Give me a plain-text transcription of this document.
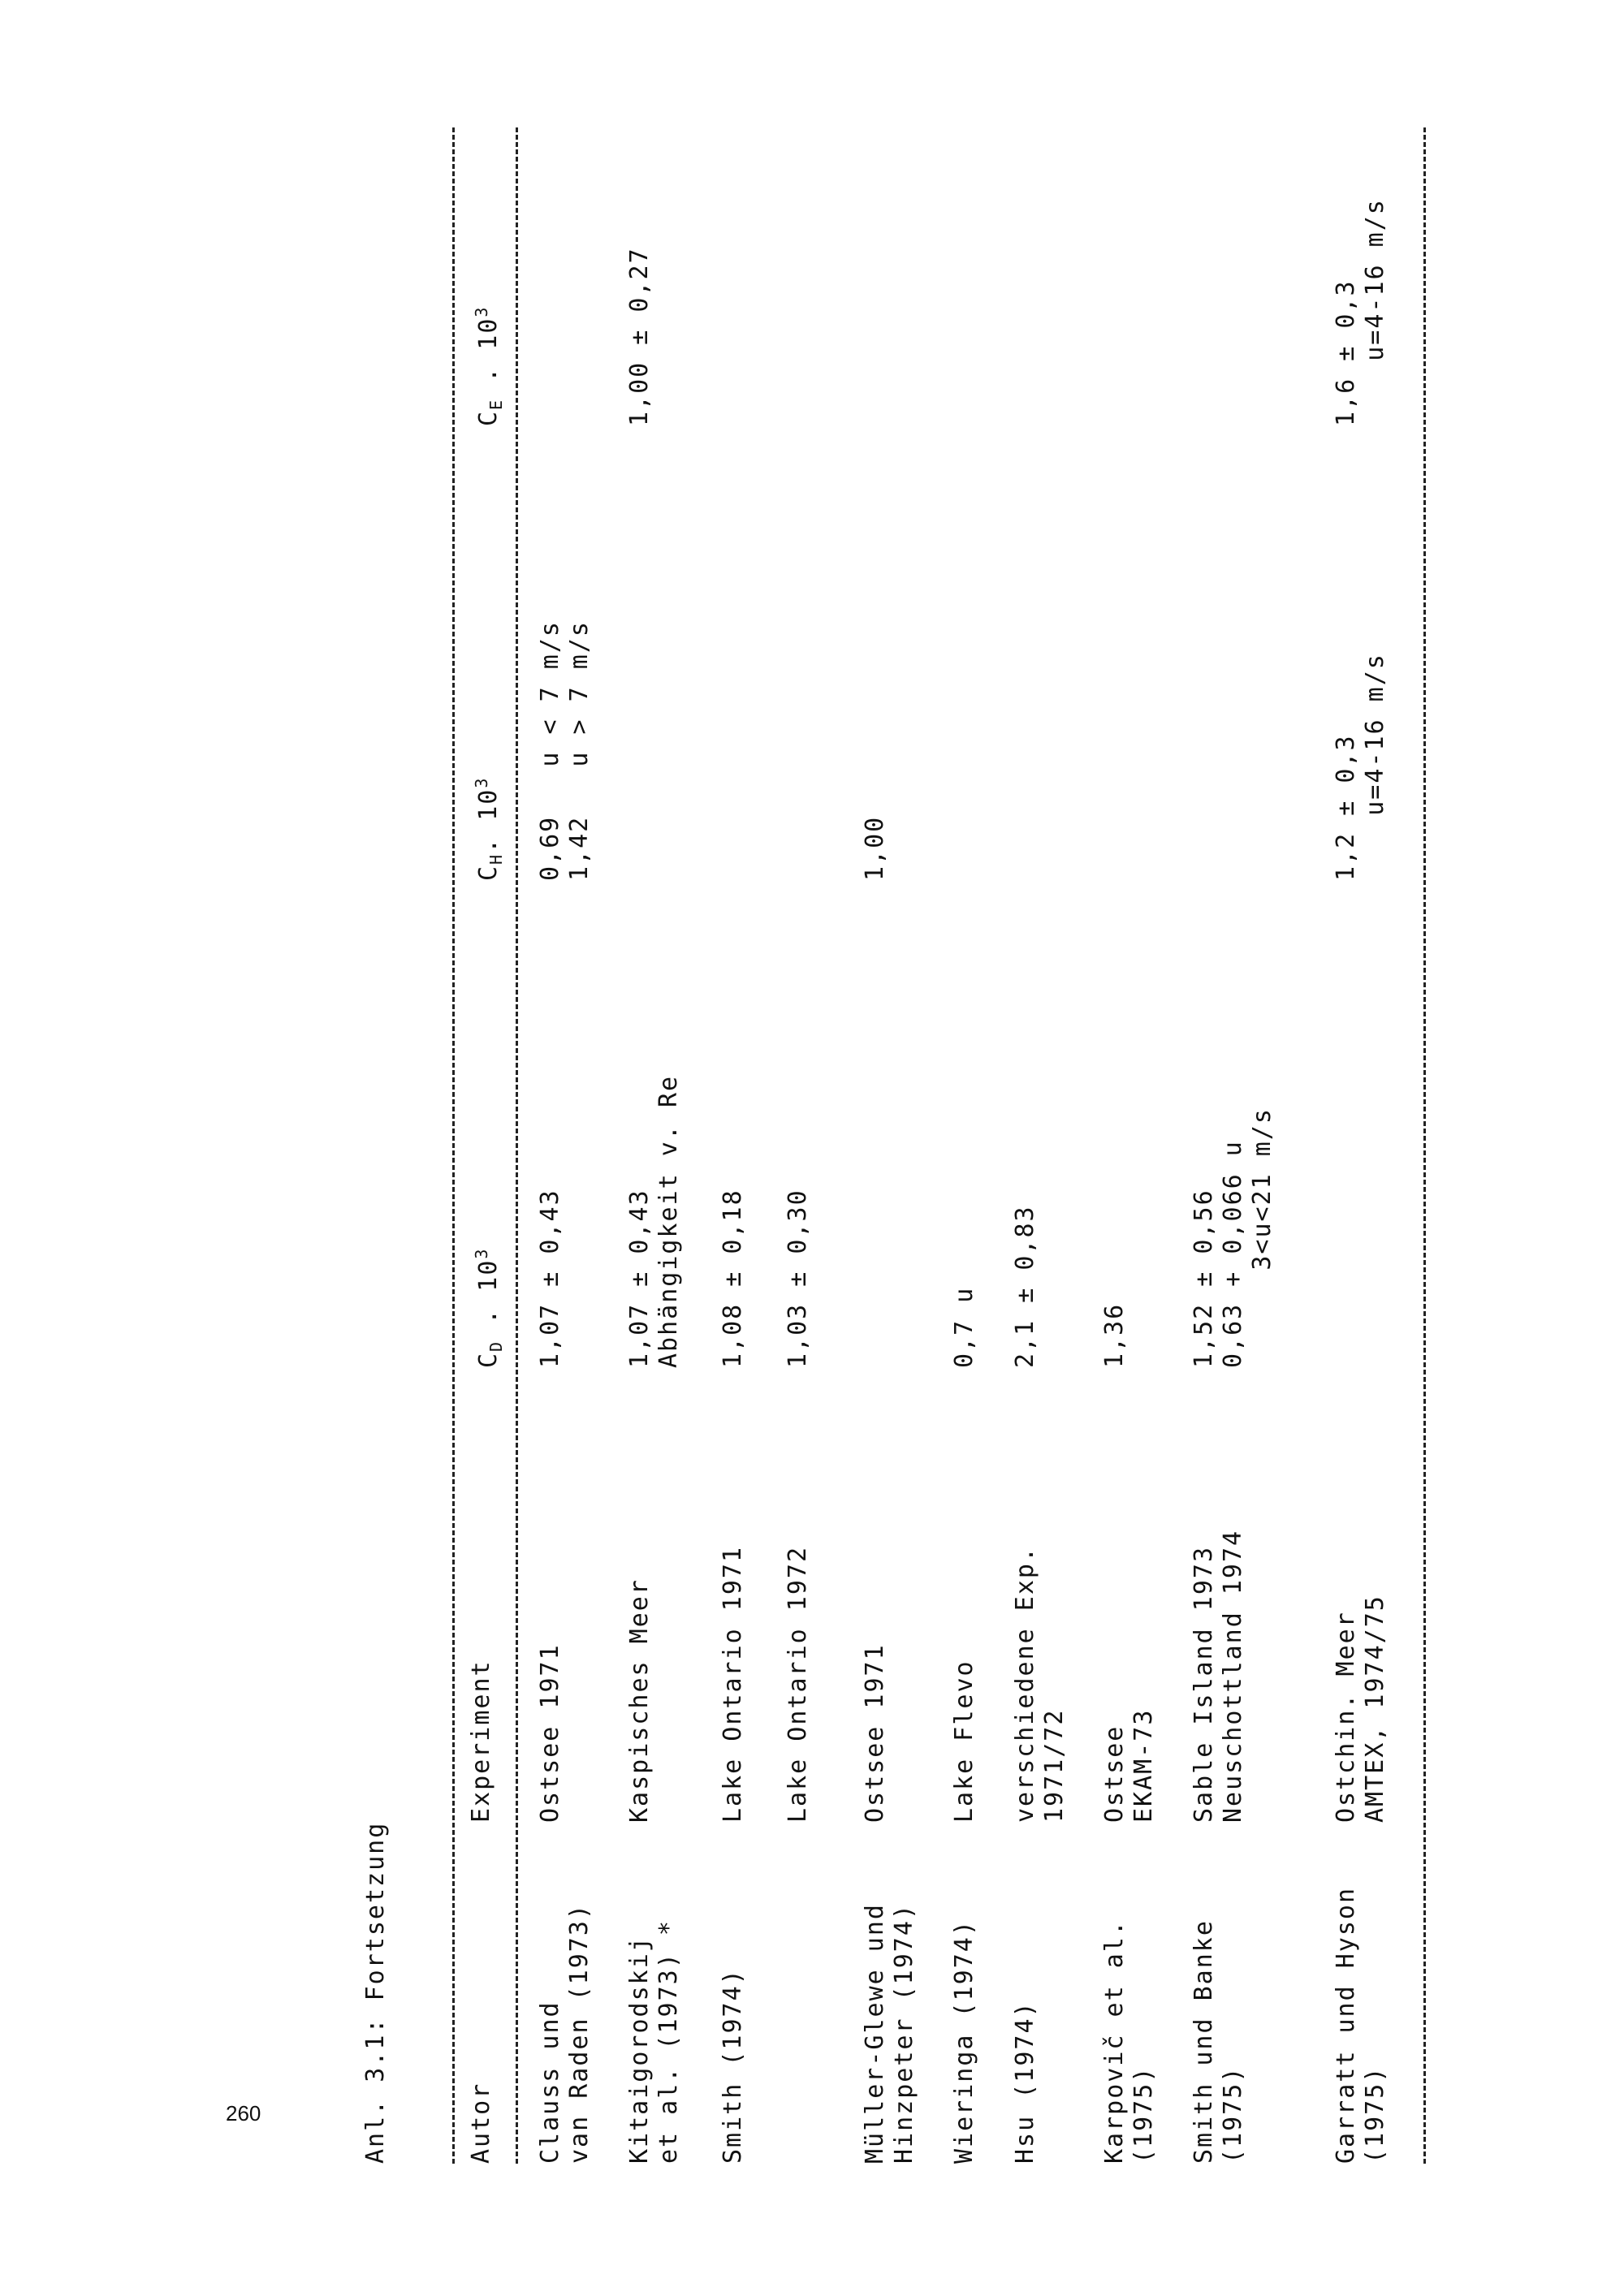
260	Anl. 3.1: Fortsetzung	Autor
Experiment
$C_D$ . $10^3$
$C_H$. $10^3$
$C_E$ . $10^3$
Clauss und
van Raden (1973)
Ostsee 1971
1,07 ± 0,43
0,69   u < 7 m/s
1,42   u > 7 m/s
Kitaigorodskij
et al. (1973) *
Kaspisches Meer
1,07 ± 0,43
Abhängigkeit v. Re
1,00 ± 0,27
Smith (1974)
Lake Ontario 1971
1,08 ± 0,18
Lake Ontario 1972
1,03 ± 0,30
Müller-Glewe und
Hinzpeter (1974)
Ostsee 1971
1,00
Wieringa (1974)
Lake Flevo
0,7 u
Hsu (1974)
verschiedene Exp.
1971/72
2,1 ± 0,83
Karpovič et al.
(1975)
Ostsee
EKAM-73
1,36
Smith und Banke
(1975)
Sable Island 1973
Neuschottland 1974
1,52 ± 0,56
0,63 + 0,066 u
3<u<21 m/s
Garratt und Hyson
(1975)
Ostchin. Meer
AMTEX, 1974/75
1,2 ± 0,3
u=4-16 m/s
1,6 ± 0,3
u=4-16 m/s
